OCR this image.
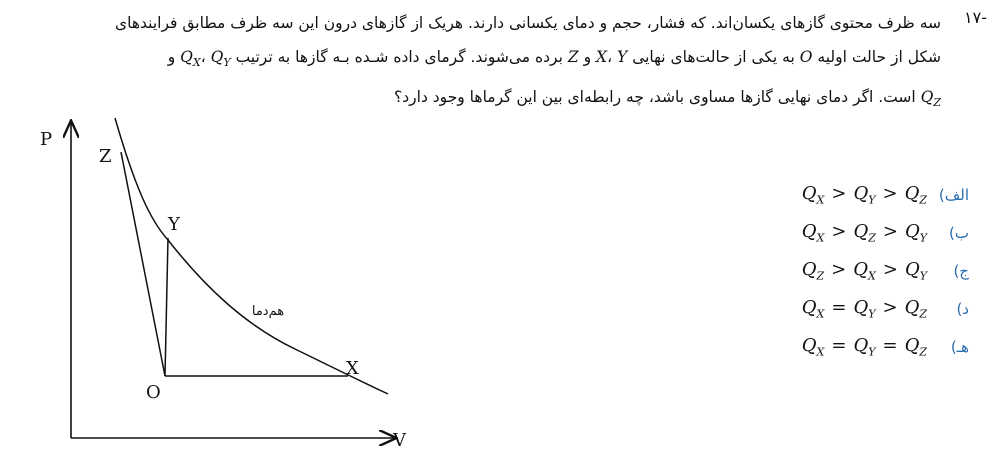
-۱۷
سه ظرف محتوی گازهای یکسان‌اند. که فشار، حجم و دمای یکسانی دارند. هریک از گازهای درون این سه ظرف مطابق فرایندهای
شکل از حالت اولیه O به یکی از حالت‌های نهایی X، Y و Z برده می‌شوند. گرمای داده شـده بـه گازها به ترتیب $Q_X،$ $Q_Y$ و
$Q_Z$ است. اگر دمای نهایی گازها مساوی باشد، چه رابطه‌ای بین این گرماها وجود دارد؟
P
V
Z
Y
O
X
هم‌دما
الف)
$Q_X > Q_Y > Q_Z$
ب)
$Q_X > Q_Z > Q_Y$
ج)
$Q_Z > Q_X > Q_Y$
د)
$Q_X = Q_Y > Q_Z$
هـ)
$Q_X = Q_Y = Q_Z$
